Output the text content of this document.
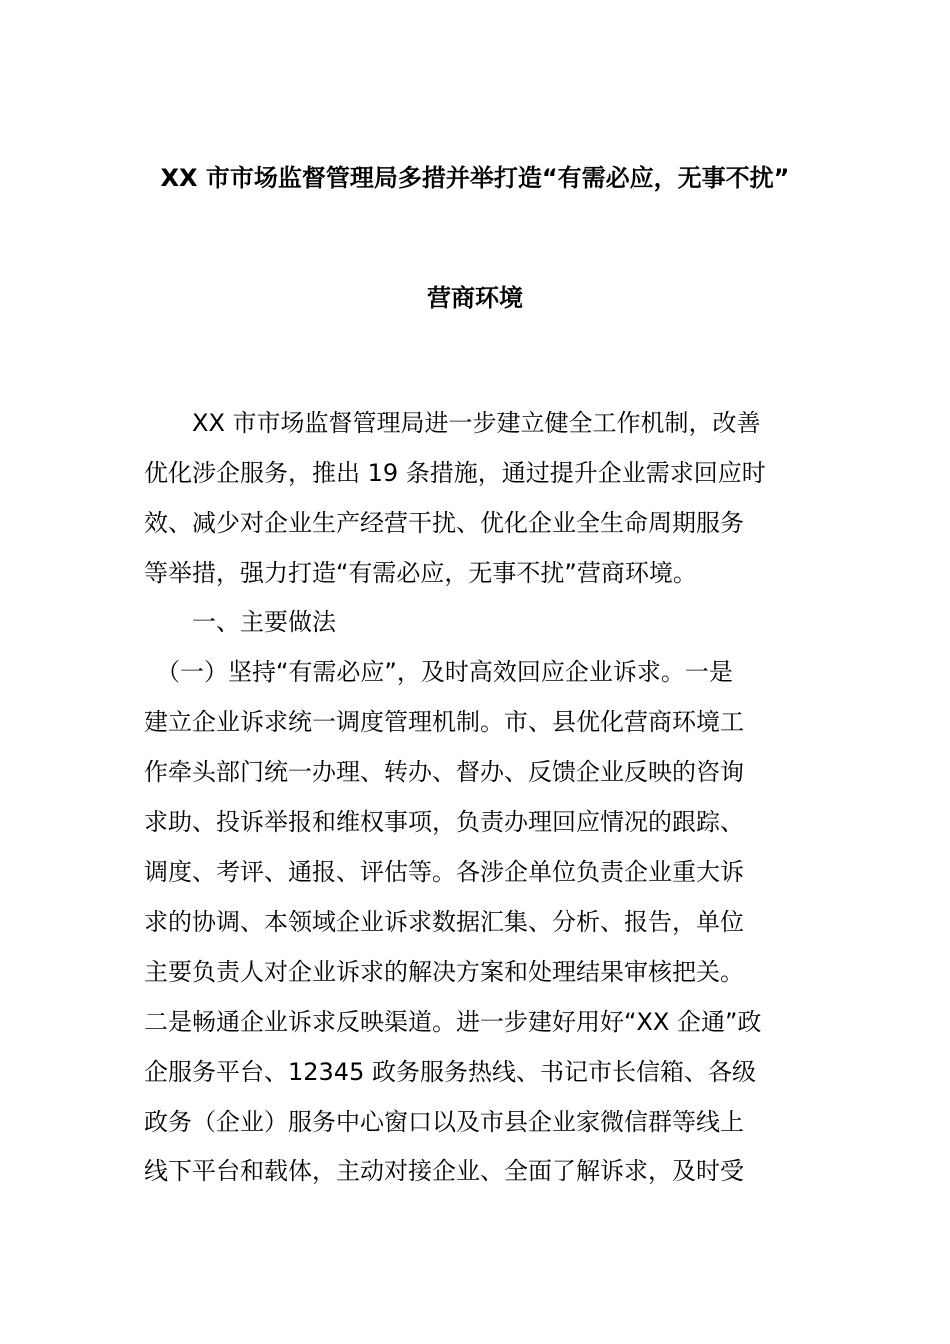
XX 市市场监督管理局多措并举打造“有需必应，无事不扰”
营商环境

　　XX 市市场监督管理局进一步建立健全工作机制，改善

优化涉企服务，推出 19 条措施，通过提升企业需求回应时

效、减少对企业生产经营干扰、优化企业全生命周期服务

等举措，强力打造“有需必应，无事不扰”营商环境。

　　一、主要做法

　（一）坚持“有需必应”，及时高效回应企业诉求。一是

建立企业诉求统一调度管理机制。市、县优化营商环境工

作牵头部门统一办理、转办、督办、反馈企业反映的咨询

求助、投诉举报和维权事项，负责办理回应情况的跟踪、

调度、考评、通报、评估等。各涉企单位负责企业重大诉

求的协调、本领域企业诉求数据汇集、分析、报告，单位

主要负责人对企业诉求的解决方案和处理结果审核把关。

二是畅通企业诉求反映渠道。进一步建好用好“XX 企通”政

企服务平台、12345 政务服务热线、书记市长信箱、各级

政务（企业）服务中心窗口以及市县企业家微信群等线上

线下平台和载体，主动对接企业、全面了解诉求，及时受
